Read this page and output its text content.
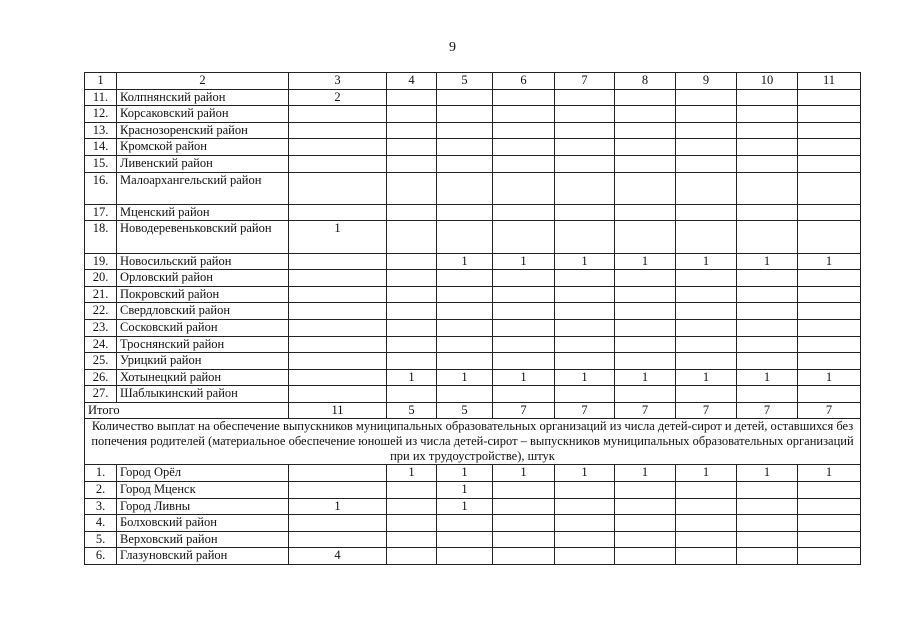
9
1	2	3	4	5	6	7	8	9	10	11
11.	Колпнянский район	2								
12.	Корсаковский район									
13.	Краснозоренский район									
14.	Кромской район									
15.	Ливенский район									
16.	Малоархангельский район									
17.	Мценский район									
18.	Новодеревеньковский район	1								
19.	Новосильский район			1	1	1	1	1	1	1
20.	Орловский район									
21.	Покровский район									
22.	Свердловский район									
23.	Сосковский район									
24.	Троснянский район									
25.	Урицкий район									
26.	Хотынецкий район		1	1	1	1	1	1	1	1
27.	Шаблыкинский район									
Итого		11	5	5	7	7	7	7	7	7
Количество выплат на обеспечение выпускников муниципальных образовательных организаций из числа детей-сирот и детей, оставшихся без попечения родителей (материальное обеспечение юношей из числа детей-сирот – выпускников муниципальных образовательных организаций при их трудоустройстве), штук										
1.	Город Орёл		1	1	1	1	1	1	1	1
2.	Город Мценск			1						
3.	Город Ливны	1		1						
4.	Болховский район									
5.	Верховский район									
6.	Глазуновский район	4								
